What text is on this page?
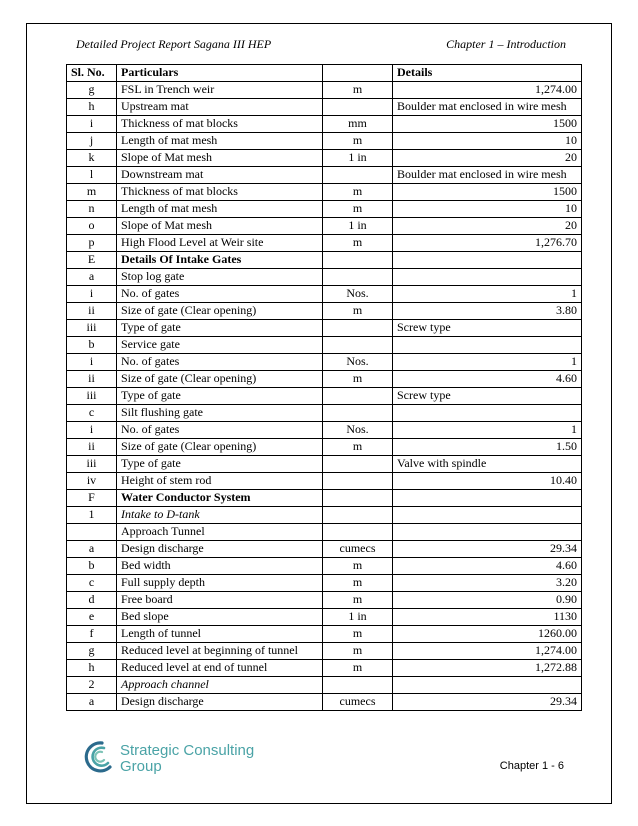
Detailed Project Report Sagana III HEP	Chapter 1 – Introduction
Sl. No.	Particulars		Details
g	FSL in Trench weir	m	1,274.00
h	Upstream mat		Boulder mat enclosed in wire mesh
i	Thickness of mat blocks	mm	1500
j	Length of mat mesh	m	10
k	Slope of Mat mesh	1 in	20
l	Downstream mat		Boulder mat enclosed in wire mesh
m	Thickness of mat blocks	m	1500
n	Length of mat mesh	m	10
o	Slope of Mat mesh	1 in	20
p	High Flood Level at Weir site	m	1,276.70
E	Details Of Intake Gates		
a	Stop log gate		
i	No. of gates	Nos.	1
ii	Size of gate (Clear opening)	m	3.80
iii	Type of gate		Screw type
b	Service gate		
i	No. of gates	Nos.	1
ii	Size of gate (Clear opening)	m	4.60
iii	Type of gate		Screw type
c	Silt flushing gate		
i	No. of gates	Nos.	1
ii	Size of gate (Clear opening)	m	1.50
iii	Type of gate		Valve with spindle
iv	Height of stem rod		10.40
F	Water Conductor System		
1	Intake to D-tank		
	Approach Tunnel		
a	Design discharge	cumecs	29.34
b	Bed width	m	4.60
c	Full supply depth	m	3.20
d	Free board	m	0.90
e	Bed slope	1 in	1130
f	Length of tunnel	m	1260.00
g	Reduced level at beginning of tunnel	m	1,274.00
h	Reduced level at end of tunnel	m	1,272.88
2	Approach channel		
a	Design discharge	cumecs	29.34
Strategic Consulting
Group	Chapter 1 - 6
